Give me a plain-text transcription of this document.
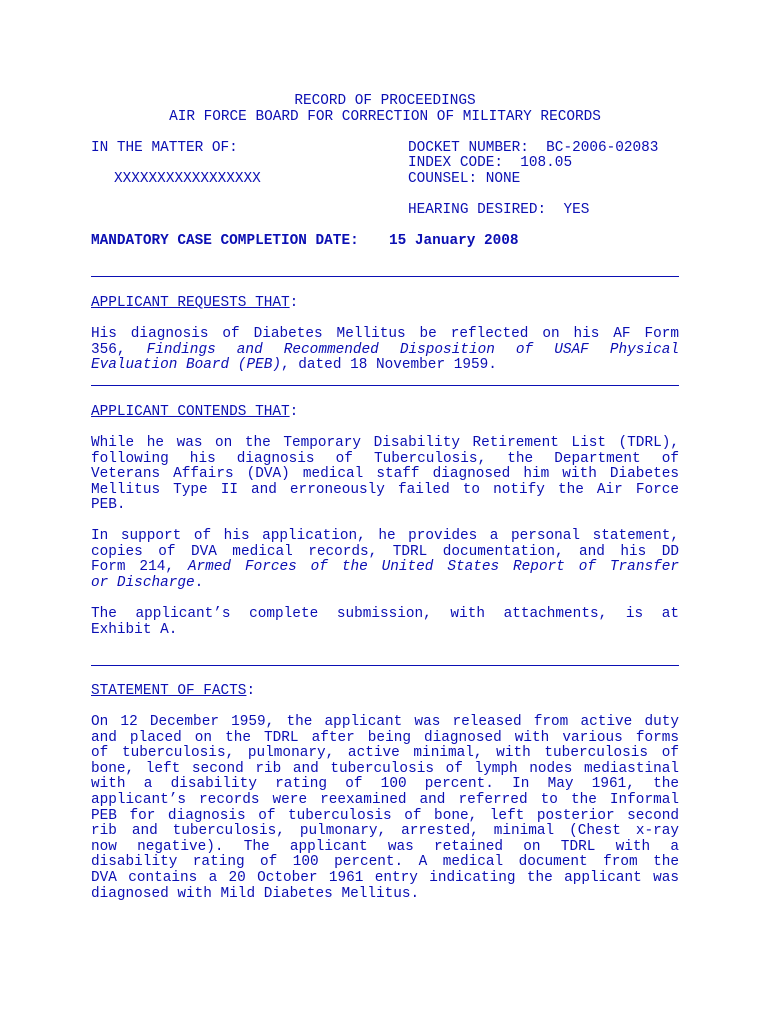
RECORD OF PROCEEDINGS
AIR FORCE BOARD FOR CORRECTION OF MILITARY RECORDS
IN THE MATTER OF:
XXXXXXXXXXXXXXXXX
DOCKET NUMBER:  BC-2006-02083
INDEX CODE:  108.05
COUNSEL: NONE
HEARING DESIRED:  YES
MANDATORY CASE COMPLETION DATE: 15 January 2008
APPLICANT REQUESTS THAT:
His diagnosis of Diabetes Mellitus be reflected on his AF Form
356, Findings and Recommended Disposition of USAF Physical
Evaluation Board (PEB), dated 18 November 1959.
APPLICANT CONTENDS THAT:
While he was on the Temporary Disability Retirement List (TDRL),
following his diagnosis of Tuberculosis, the Department of
Veterans Affairs (DVA) medical staff diagnosed him with Diabetes
Mellitus Type II and erroneously failed to notify the Air Force
PEB.
In support of his application, he provides a personal statement,
copies of DVA medical records, TDRL documentation, and his DD
Form 214, Armed Forces of the United States Report of Transfer
or Discharge.
The applicant’s complete submission, with attachments, is at
Exhibit A.
STATEMENT OF FACTS:
On 12 December 1959, the applicant was released from active duty
and placed on the TDRL after being diagnosed with various forms
of tuberculosis, pulmonary, active minimal, with tuberculosis of
bone, left second rib and tuberculosis of lymph nodes mediastinal
with a disability rating of 100 percent. In May 1961, the
applicant’s records were reexamined and referred to the Informal
PEB for diagnosis of tuberculosis of bone, left posterior second
rib and tuberculosis, pulmonary, arrested, minimal (Chest x-ray
now negative). The applicant was retained on TDRL with a
disability rating of 100 percent. A medical document from the
DVA contains a 20 October 1961 entry indicating the applicant was
diagnosed with Mild Diabetes Mellitus.
